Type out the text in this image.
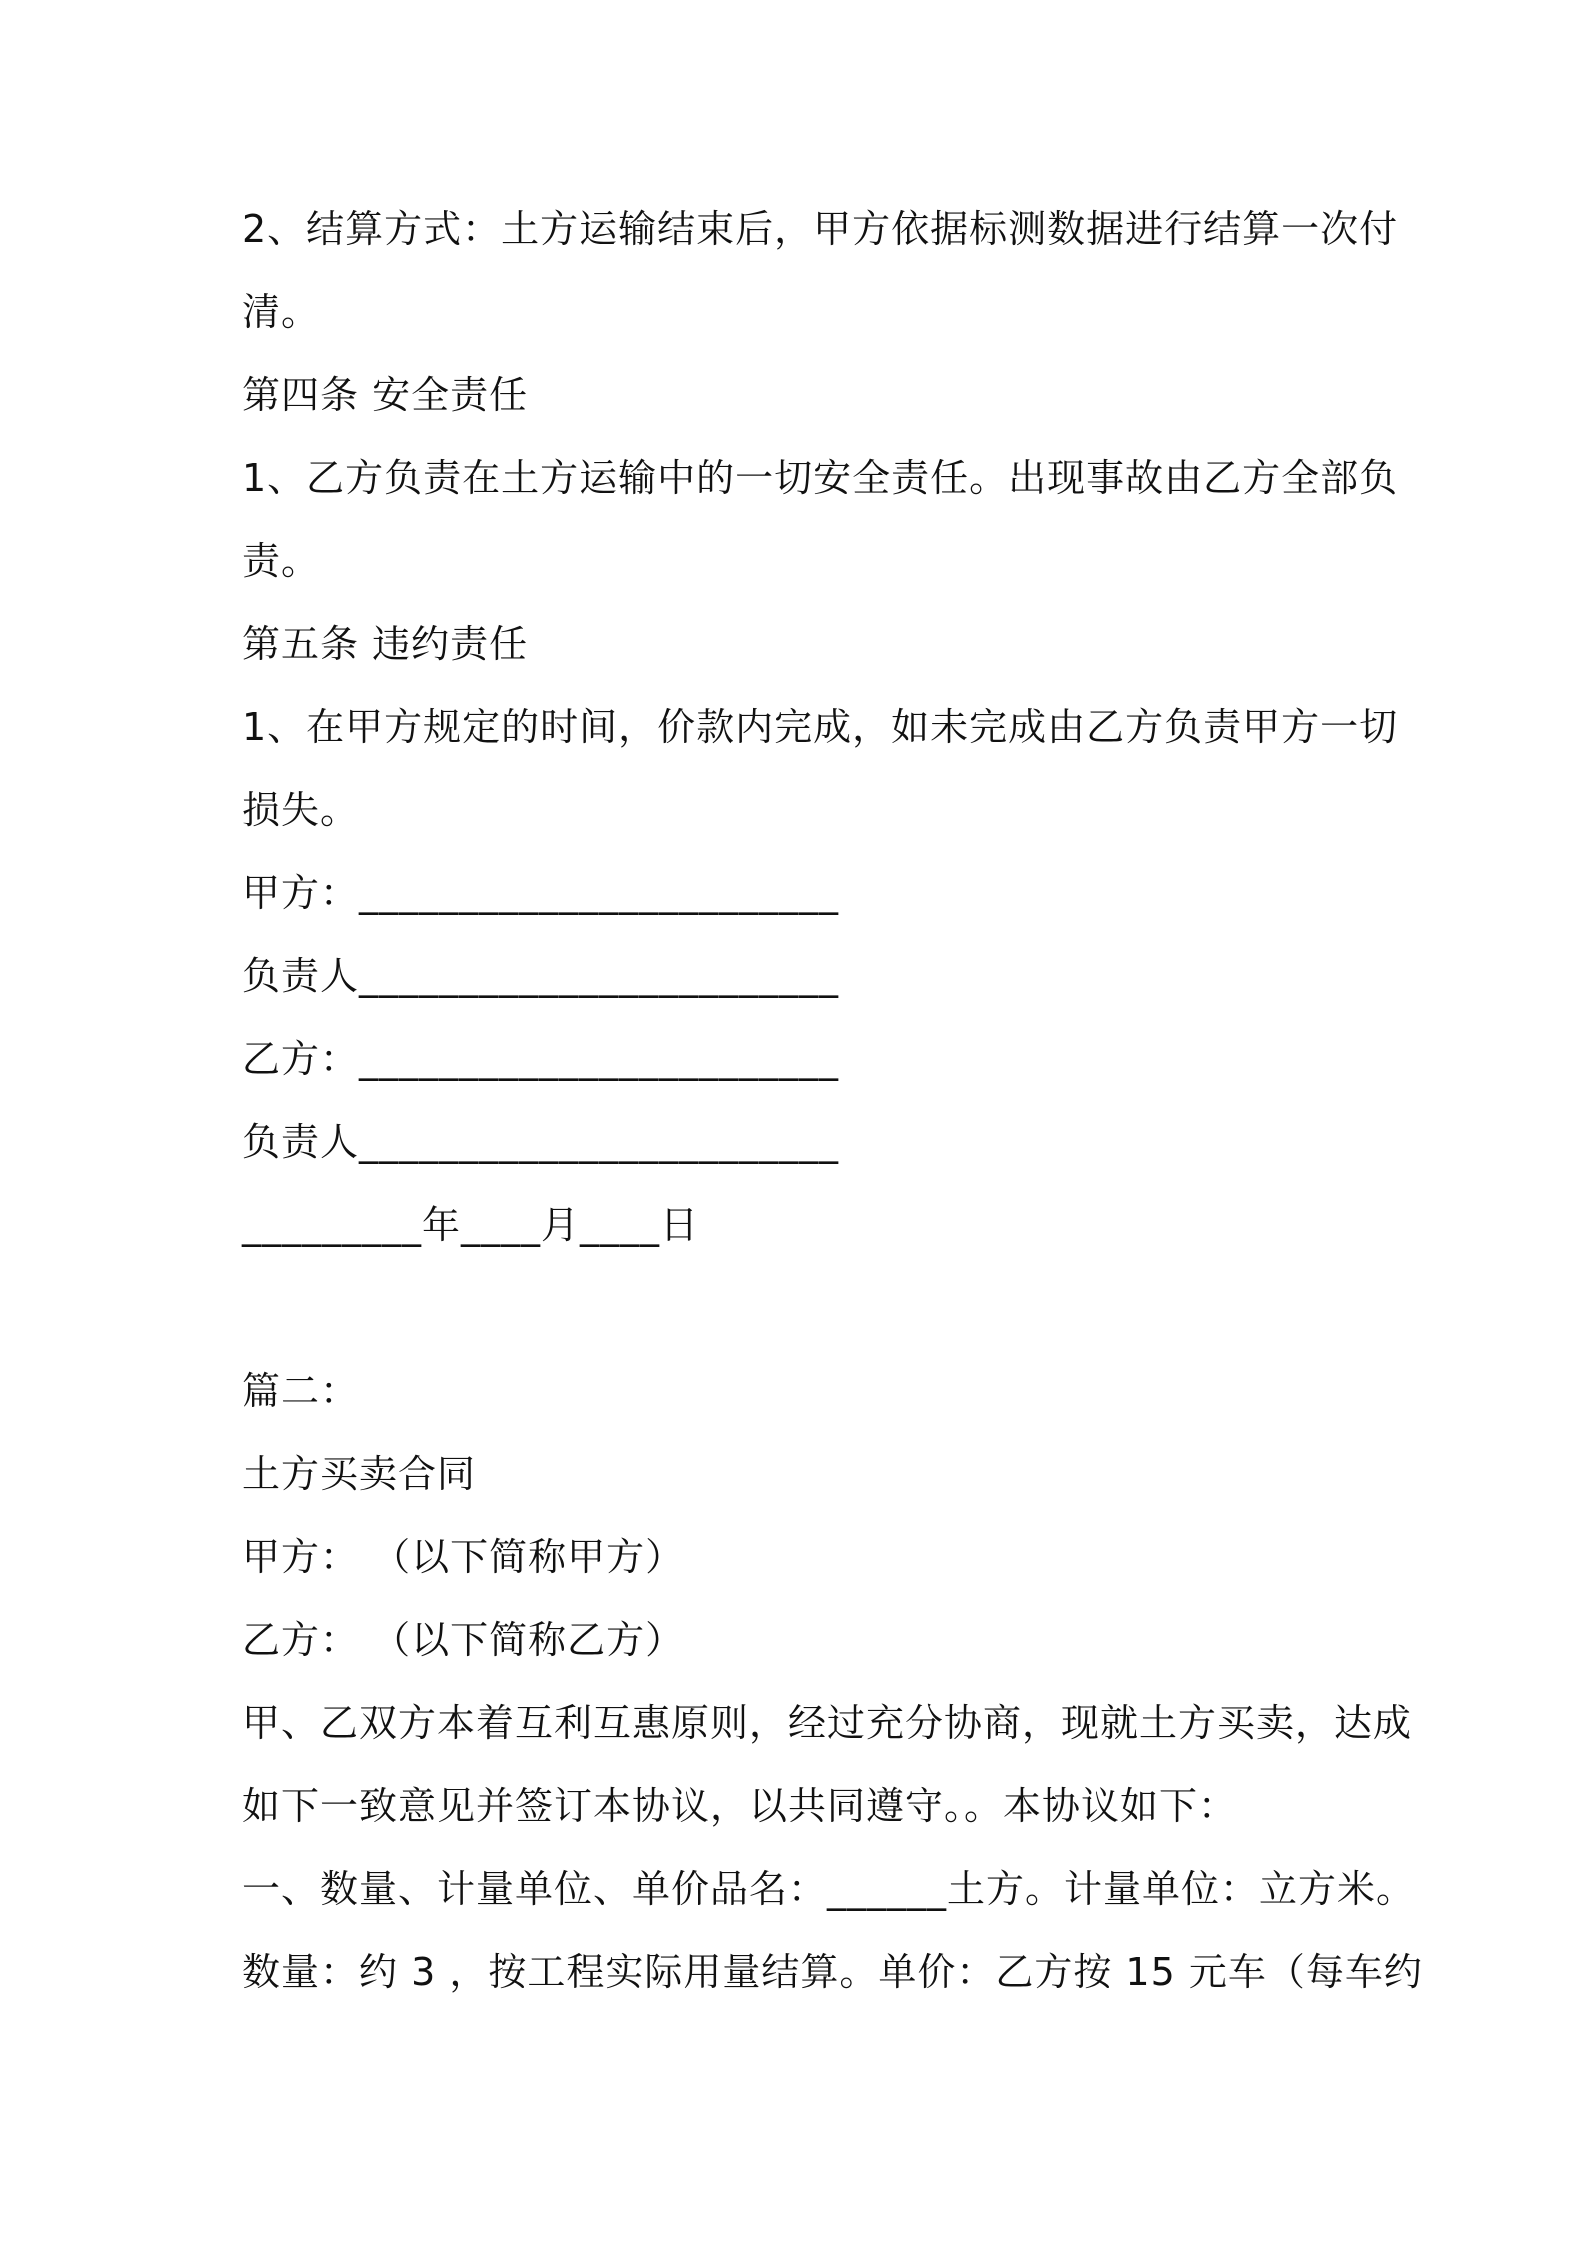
2、结算方式：土方运输结束后，甲方依据标测数据进行结算一次付
清。
第四条 安全责任
1、乙方负责在土方运输中的一切安全责任。出现事故由乙方全部负
责。
第五条 违约责任
1、在甲方规定的时间，价款内完成，如未完成由乙方负责甲方一切
损失。
甲方：________________________
负责人________________________
乙方：________________________
负责人________________________
_________年____月____日
篇二：
土方买卖合同
甲方： （以下简称甲方）
乙方： （以下简称乙方）
甲、乙双方本着互利互惠原则，经过充分协商，现就土方买卖，达成
如下一致意见并签订本协议，以共同遵守。。本协议如下：
一、数量、计量单位、单价品名：______土方。计量单位：立方米。
数量：约 3 ，按工程实际用量结算。单价：乙方按 15 元车（每车约
